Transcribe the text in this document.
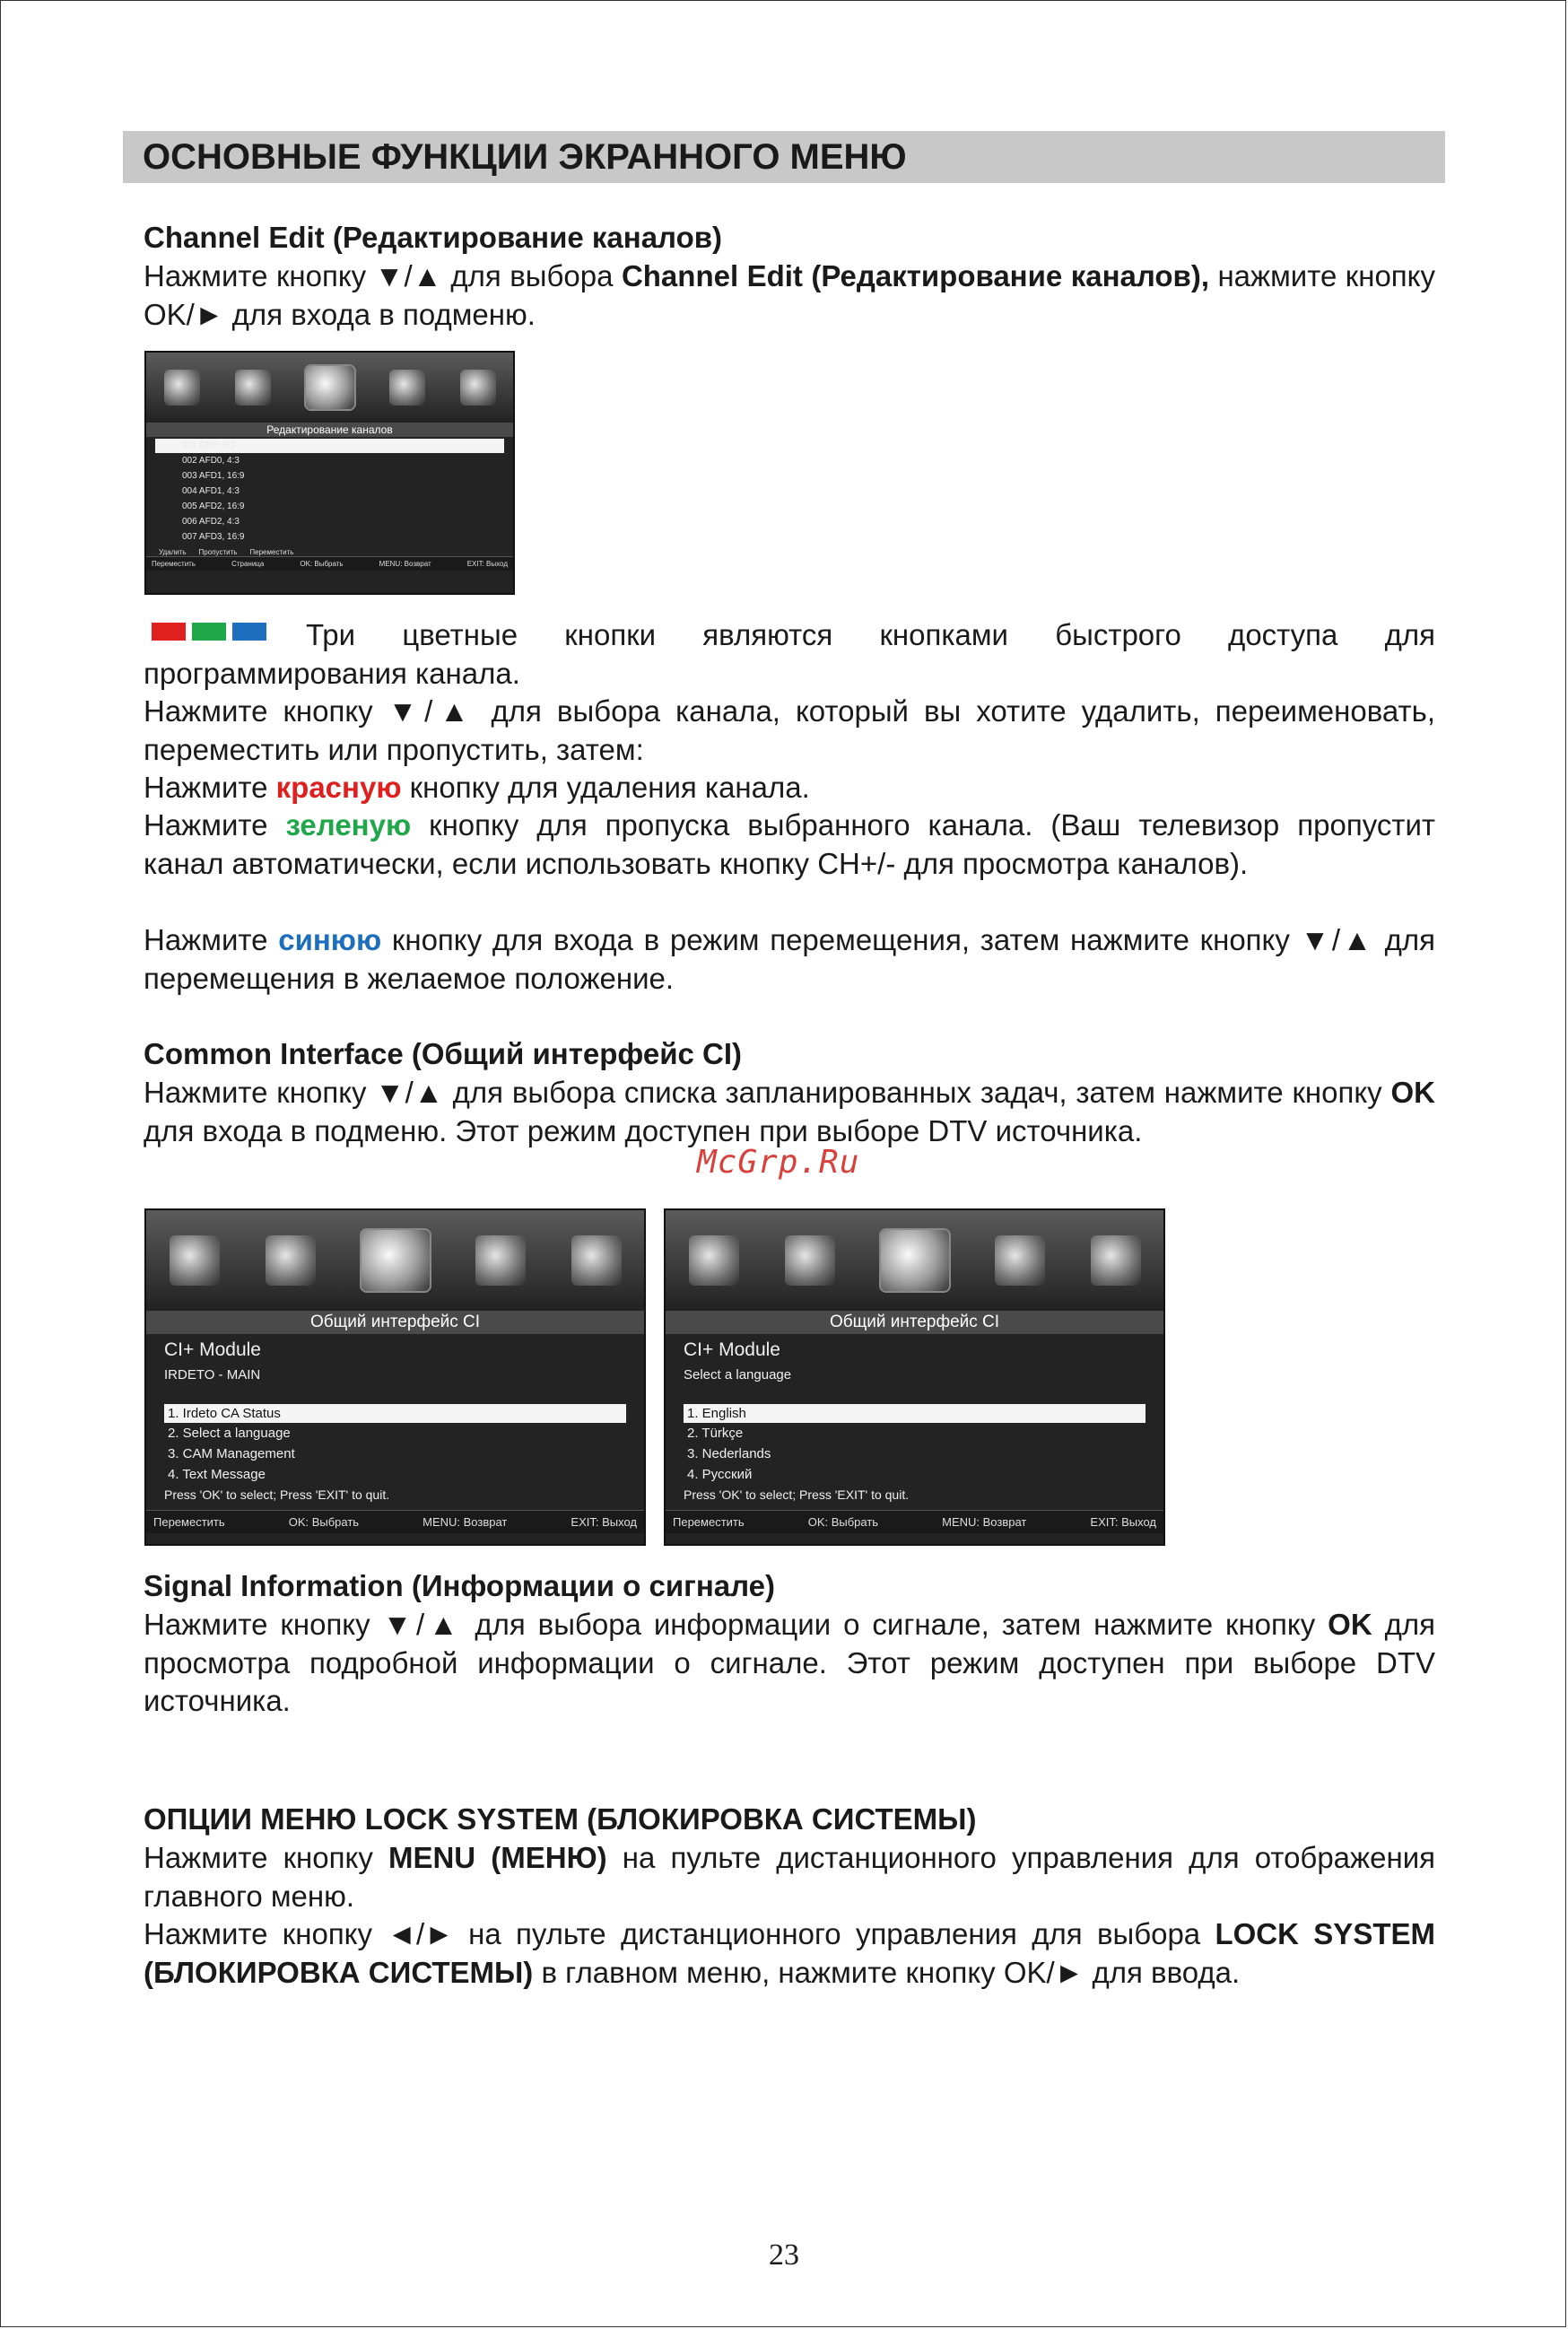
ОСНОВНЫЕ ФУНКЦИИ ЭКРАННОГО МЕНЮ
Channel Edit (Редактирование каналов)
Нажмите кнопку ▼/▲ для выбора Channel Edit (Редактирование каналов), нажмите кнопку OK/► для входа в подменю.
Редактирование каналов
001 ONE HD
002 AFD0, 4:3
003 AFD1, 16:9
004 AFD1, 4:3
005 AFD2, 16:9
006 AFD2, 4:3
007 AFD3, 16:9
Удалить Пропустить Переместить
Переместить	Страница	OK: Выбрать	MENU: Возврат	EXIT: Выход
Три цветные кнопки являются кнопками быстрого доступа для программирования канала.
Нажмите кнопку ▼/▲ для выбора канала, который вы хотите удалить, переименовать, переместить или пропустить, затем:
Нажмите красную кнопку для удаления канала.
Нажмите зеленую кнопку для пропуска выбранного канала. (Ваш телевизор пропустит канал автоматически, если использовать кнопку CH+/- для просмотра каналов).
Нажмите синюю кнопку для входа в режим перемещения, затем нажмите кнопку ▼/▲ для перемещения в желаемое положение.
Common Interface (Общий интерфейс CI)
Нажмите кнопку ▼/▲ для выбора списка запланированных задач, затем нажмите кнопку OK для входа в подменю. Этот режим доступен при выборе DTV источника.
McGrp.Ru
Общий интерфейс CI
CI+ Module
IRDETO - MAIN
1. Irdeto CA Status
2. Select a language
3. CAM Management
4. Text Message
Press 'OK' to select; Press 'EXIT' to quit.
Переместить	OK: Выбрать	MENU: Возврат	EXIT: Выход
Общий интерфейс CI
CI+ Module
Select a language
1. English
2. Türkçe
3. Nederlands
4. Русский
Press 'OK' to select; Press 'EXIT' to quit.
Переместить	OK: Выбрать	MENU: Возврат	EXIT: Выход
Signal Information (Информации о сигнале)
Нажмите кнопку ▼/▲ для выбора информации о сигнале, затем нажмите кнопку OK для просмотра подробной информации о сигнале. Этот режим доступен при выборе DTV источника.
ОПЦИИ МЕНЮ LOCK SYSTEM (БЛОКИРОВКА СИСТЕМЫ)
Нажмите кнопку MENU (МЕНЮ) на пульте дистанционного управления для отображения главного меню.
Нажмите кнопку ◄/► на пульте дистанционного управления для выбора LOCK SYSTEM (БЛОКИРОВКА СИСТЕМЫ) в главном меню, нажмите кнопку OK/► для ввода.
23
